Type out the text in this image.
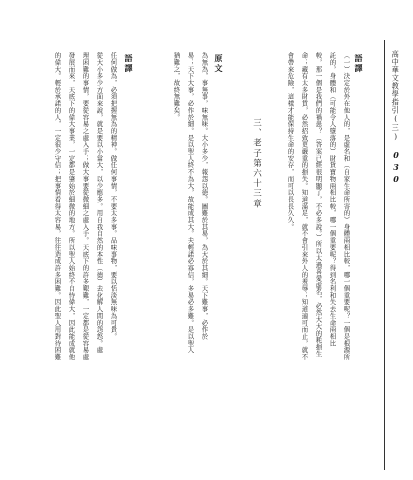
高中華文教學指引(三)
030
語譯
（一）決定於外在他人的，是虛名和（自家生命所寄的）身體兩相比較，哪一個重要呢？一個是根源所
託的，身體和（可能令人墮落的）財貨寶物兩相比較，哪一個重要呢？得到名利和失去生命兩相比
較，那一個是我們的禍患？（答案已經很明顯了，不必多說。）所以太過喜愛虛名，必然大大的耗損生
命；藏有太多財貨，必然招致更嚴重的損失。知道滿足，就不會引來外人的羞辱；知道適可而止，就不
會帶來危險，這樣才能保持生命的安存，而可以長長久久。
三、老子第六十三章
原文
為無為，事無事，味無味。大小多少，報怨以德。圖難於其易，為大於其細。天下難事，必作於
易；天下大事，必作於細。是以聖人終不為大，故能成其大。夫輕諾必寡信，多易必多難。是以聖人
猶難之，故終無難矣。
語譯
任何做為，必須把握無為的精神。做任何事情，不要太多事。品味事物，要以恬淡無味為可貴。
從大小多少方面來說，就是要以小當大，以少應多。用自我自然的本性（德）去化解人間的怨怒。處
理困難的事情，要從容易之處入手；做大事要從微細之處入手。天底下的許多艱難，一定都是從容易處
發展而來，天底下的偉大事業，一定都是肇始於細微的地方。所以聖人始終不自恃偉大，因此能成就他
的偉大。輕於承諾的人，一定很少守信；把事情看得太容易，往往造成許多困難。因此聖人用對待困難
